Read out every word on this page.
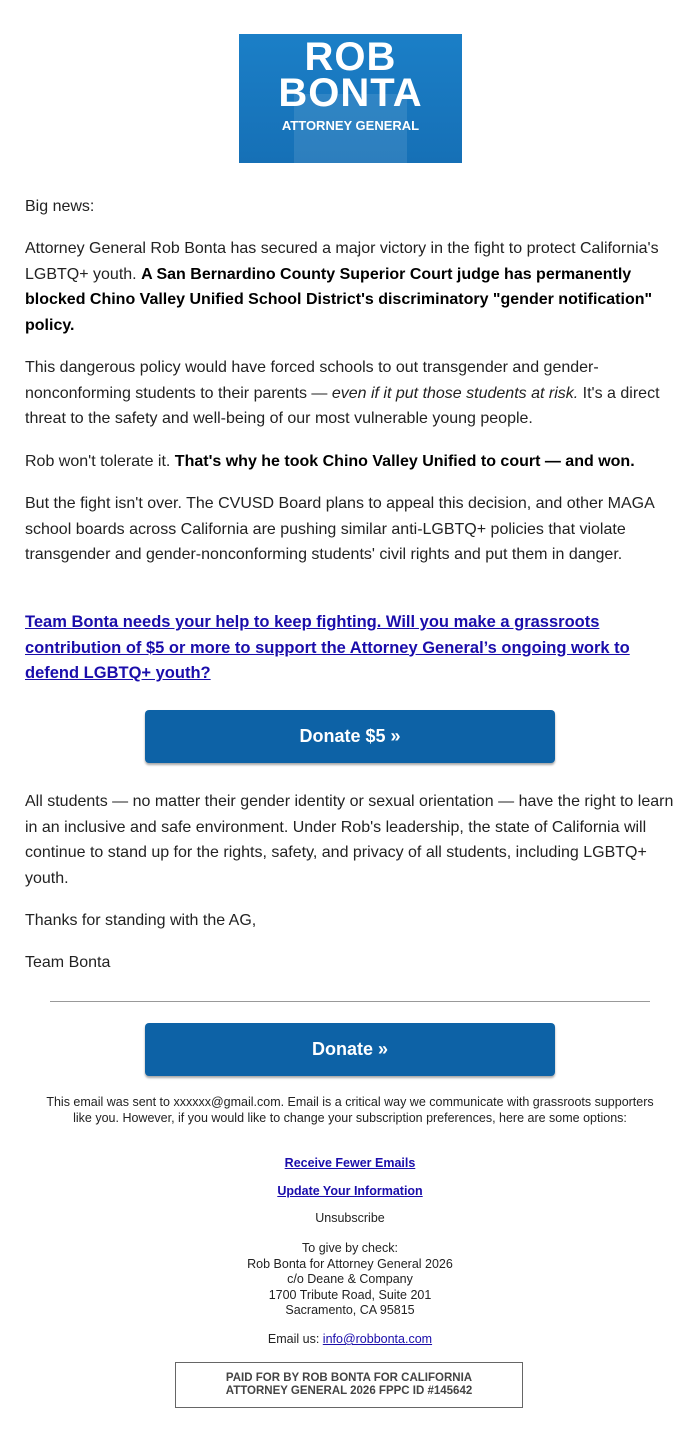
ROB
BONTA
ATTORNEY GENERAL

Big news:

Attorney General Rob Bonta has secured a major victory in the fight to protect California's LGBTQ+ youth. A San Bernardino County Superior Court judge has permanently blocked Chino Valley Unified School District's discriminatory "gender notification" policy.

This dangerous policy would have forced schools to out transgender and gender-nonconforming students to their parents — even if it put those students at risk. It's a direct threat to the safety and well-being of our most vulnerable young people.

Rob won't tolerate it. That's why he took Chino Valley Unified to court — and won.

But the fight isn't over. The CVUSD Board plans to appeal this decision, and other MAGA school boards across California are pushing similar anti-LGBTQ+ policies that violate transgender and gender-nonconforming students' civil rights and put them in danger.

Team Bonta needs your help to keep fighting. Will you make a grassroots contribution of $5 or more to support the Attorney General’s ongoing work to defend LGBTQ+ youth?

Donate $5 »

All students — no matter their gender identity or sexual orientation — have the right to learn in an inclusive and safe environment. Under Rob's leadership, the state of California will continue to stand up for the rights, safety, and privacy of all students, including LGBTQ+ youth.

Thanks for standing with the AG,

Team Bonta

Donate »

This email was sent to xxxxxx@gmail.com. Email is a critical way we communicate with grassroots supporters like you. However, if you would like to change your subscription preferences, here are some options:

Receive Fewer Emails
Update Your Information

Unsubscribe

To give by check:
Rob Bonta for Attorney General 2026
c/o Deane & Company
1700 Tribute Road, Suite 201
Sacramento, CA 95815

Email us: info@robbonta.com

PAID FOR BY ROB BONTA FOR CALIFORNIA
ATTORNEY GENERAL 2026 FPPC ID #145642
